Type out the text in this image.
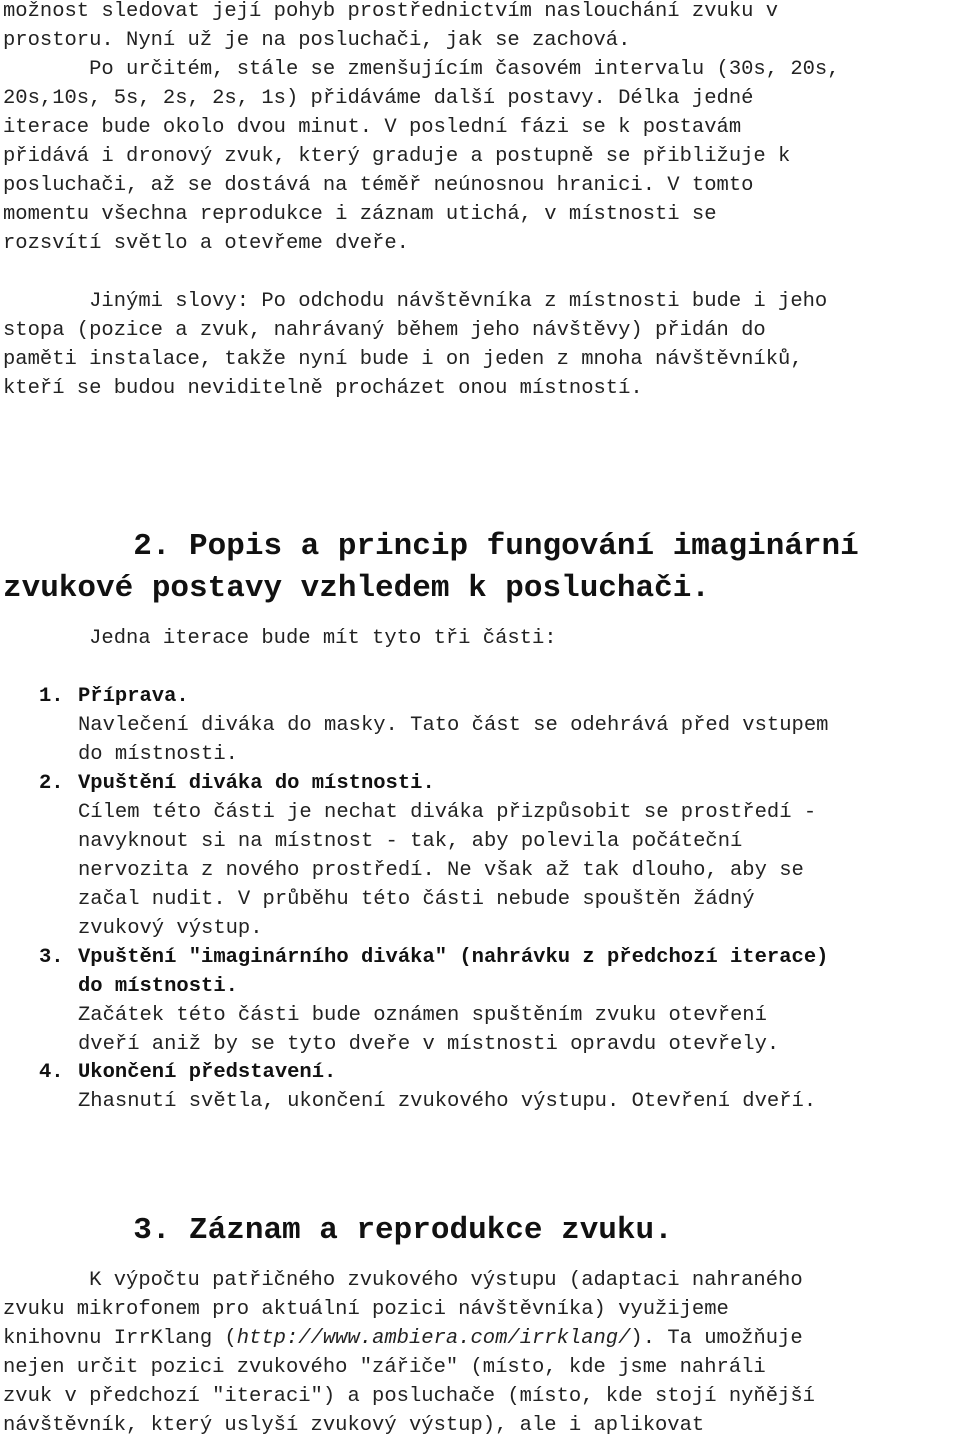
možnost sledovat její pohyb prostřednictvím naslouchání zvuku v

prostoru. Nyní už je na posluchači, jak se zachová.

Po určitém, stále se zmenšujícím časovém intervalu (30s, 20s,

20s,10s, 5s, 2s, 2s, 1s) přidáváme další postavy. Délka jedné

iterace bude okolo dvou minut. V poslední fázi se k postavám

přidává i dronový zvuk, který graduje a postupně se přibližuje k

posluchači, až se dostává na téměř neúnosnou hranici. V tomto

momentu všechna reprodukce i záznam utichá, v místnosti se

rozsvítí světlo a otevřeme dveře.

Jinými slovy: Po odchodu návštěvníka z místnosti bude i jeho

stopa (pozice a zvuk, nahrávaný během jeho návštěvy) přidán do

paměti instalace, takže nyní bude i on jeden z mnoha návštěvníků,

kteří se budou neviditelně procházet onou místností.

2. Popis a princip fungování imaginární
zvukové postavy vzhledem k posluchači.

Jedna iterace bude mít tyto tři části:

1. Příprava.
Navlečení diváka do masky. Tato část se odehrává před vstupem
do místnosti.
2. Vpuštění diváka do místnosti.
Cílem této části je nechat diváka přizpůsobit se prostředí -
navyknout si na místnost - tak, aby polevila počáteční
nervozita z nového prostředí. Ne však až tak dlouho, aby se
začal nudit. V průběhu této části nebude spouštěn žádný
zvukový výstup.
3. Vpuštění "imaginárního diváka" (nahrávku z předchozí iterace)
do místnosti.
Začátek této části bude oznámen spuštěním zvuku otevření
dveří aniž by se tyto dveře v místnosti opravdu otevřely.
4. Ukončení představení.
Zhasnutí světla, ukončení zvukového výstupu. Otevření dveří.
3. Záznam a reprodukce zvuku.

K výpočtu patřičného zvukového výstupu (adaptaci nahraného

zvuku mikrofonem pro aktuální pozici návštěvníka) využijeme

knihovnu IrrKlang (http://www.ambiera.com/irrklang/). Ta umožňuje

nejen určit pozici zvukového "zářiče" (místo, kde jsme nahráli

zvuk v předchozí "iteraci") a posluchače (místo, kde stojí nyňější

návštěvník, který uslyší zvukový výstup), ale i aplikovat
